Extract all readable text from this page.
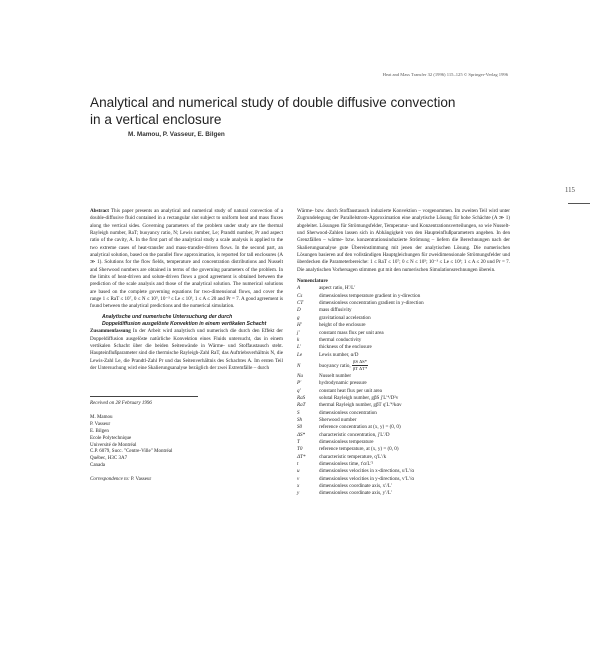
Heat and Mass Transfer 32 (1996) 115–125 © Springer-Verlag 1996
Analytical and numerical study of double diffusive convection
in a vertical enclosure
M. Mamou, P. Vasseur, E. Bilgen
115

Abstract This paper presents an analytical and numerical study of natural convection of a double-diffusive fluid contained in a rectangular slot subject to uniform heat and mass fluxes along the vertical sides. Governing parameters of the problem under study are the thermal Rayleigh number, RaT; buoyancy ratio, N; Lewis number, Le; Prandtl number, Pr and aspect ratio of the cavity, A. In the first part of the analytical study a scale analysis is applied to the two extreme cases of heat-transfer and mass-transfer-driven flows. In the second part, an analytical solution, based on the parallel flow approximation, is reported for tall enclosures (A ≫ 1). Solutions for the flow fields, temperature and concentration distributions and Nusselt and Sherwood numbers are obtained in terms of the governing parameters of the problem. In the limits of heat-driven and solute-driven flows a good agreement is obtained between the prediction of the scale analysis and those of the analytical solution. The numerical solutions are based on the complete governing equations for two-dimensional flows, and cover the range 1 ≤ RaT ≤ 10⁷, 0 ≤ N ≤ 10⁵, 10⁻³ ≤ Le ≤ 10³, 1 ≤ A ≤ 20 and Pr = 7. A good agreement is found between the analytical predictions and the numerical simulation.

Analytische und numerische Untersuchung der durch Doppeldiffusion ausgelöste Konvektion in einem vertikalen Schacht

Zusammenfassung In der Arbeit wird analytisch und numerisch die durch den Effekt der Doppeldiffusion ausgelöste natürliche Konvektion eines Fluids untersucht, das in einem vertikalen Schacht über die beiden Seitenwände in Wärme- und Stoffaustausch steht. Haupteinflußparameter sind die thermische Rayleigh-Zahl RaT, das Auftriebsverhältnis N, die Lewis-Zahl Le, die Prandtl-Zahl Pr und das Seitenverhältnis des Schachtes A. Im ersten Teil der Untersuchung wird eine Skalierungsanalyse bezüglich der zwei Extremfälle – durch

Received on 28 February 1996
M. Mamou
P. Vasseur
E. Bilgen
Ecole Polytechnique
Université de Montréal
C.P. 6079, Succ. "Centre-Ville" Montréal
Québec, H3C 3A7
Canada
Correspondence to: P. Vasseur

Wärme- bzw. durch Stoffaustausch induzierte Konvektion – vorgenommen. Im zweiten Teil wird unter Zugrundelegung der Parallelstrom-Approximation eine analytische Lösung für hohe Schächte (A ≫ 1) abgeleitet. Lösungen für Strömungsfelder, Temperatur- und Konzentrationsverteilungen, so wie Nusselt- und Sherwood-Zahlen lassen sich in Abhängigkeit von den Haupteinflußparametern angeben. In den Grenzfällen – wärme- bzw. konzentrationsinduzierte Strömung – liefern die Berechnungen nach der Skalierungsanalyse gute Übereinstimmung mit jenen der analytischen Lösung. Die numerischen Lösungen basieren auf den vollständigen Hauptgleichungen für zweidimensionale Strömungsfelder und überdecken die Parameterbereiche: 1 ≤ RaT ≤ 10⁷; 0 ≤ N ≤ 10⁵; 10⁻³ ≤ Le ≤ 10³; 1 ≤ A ≤ 20 und Pr = 7. Die analytischen Vorhersagen stimmen gut mit den numerischen Simulationsrechnungen überein.

Nomenclature
A	aspect ratio, H′/L′
Cs	dimensionless temperature gradient in y-direction
CT	dimensionless concentration gradient in y-direction
D	mass diffusivity
g	gravitational acceleration
H′	height of the enclosure
j′	constant mass flux per unit area
k	thermal conductivity
L′	thickness of the enclosure
Le	Lewis number, α/D
N	buoyancy ratio, $\frac{\text{βS ΔS*}}{\text{βT ΔT*}}$
Nu	Nusselt number
P′	hydrodynamic pressure
q′	constant heat flux per unit area
RaS	solutal Rayleigh number, gβS j′L′⁴/D²ν
RaT	thermal Rayleigh number, gβT q′L′⁴/kαν
S	dimensionless concentration
Sh	Sherwood number
S0	reference concentration at (x, y) = (0, 0)
ΔS*	characteristic concentration, j′L′/D
T	dimensionless temperature
T0	reference temperature, at (x, y) = (0, 0)
ΔT*	characteristic temperature, q′L′/k
t	dimensionless time, t′α/L′²
u	dimensionless velocities in x-directions, u′L′/α
v	dimensionless velocities in y-directions, v′L′/α
x	dimensionless coordinate axis, x′/L′
y	dimensionless coordinate axis, y′/L′
